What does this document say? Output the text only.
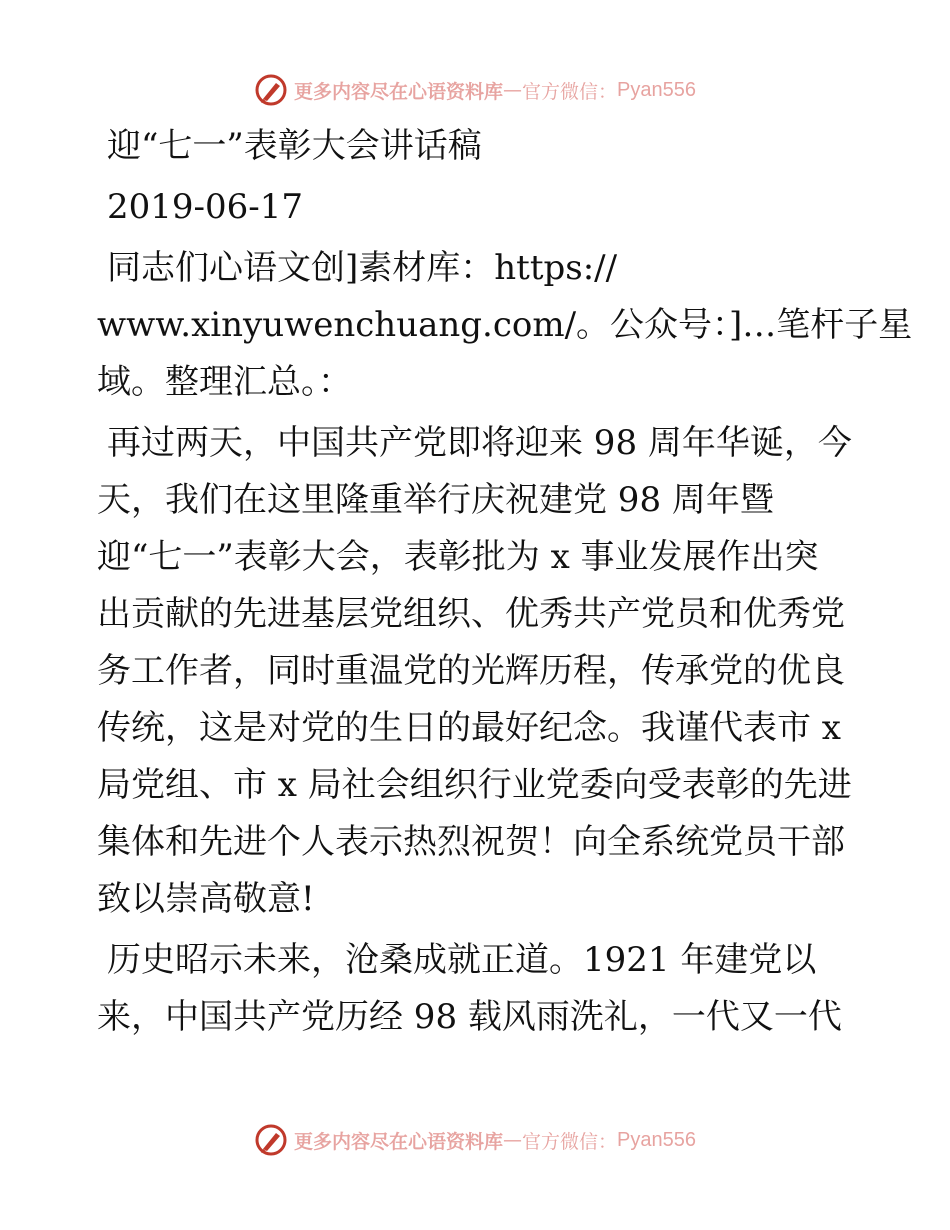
更多内容尽在心语资料库 — 官方微信： Pyan556
迎“七一”表彰大会讲话稿
2019-06-17
同志们心语文创]素材库：https://
www.xinyuwenchuang.com/。公众号：]…笔杆子星
域。整理汇总。：
再过两天，中国共产党即将迎来 98 周年华诞，今
天，我们在这里隆重举行庆祝建党 98 周年暨
迎“七一”表彰大会，表彰批为 x 事业发展作出突
出贡献的先进基层党组织、优秀共产党员和优秀党
务工作者，同时重温党的光辉历程，传承党的优良
传统，这是对党的生日的最好纪念。我谨代表市 x
局党组、市 x 局社会组织行业党委向受表彰的先进
集体和先进个人表示热烈祝贺！向全系统党员干部
致以崇高敬意!
历史昭示未来，沧桑成就正道。1921 年建党以
来，中国共产党历经 98 载风雨洗礼，一代又一代
更多内容尽在心语资料库 — 官方微信： Pyan556
